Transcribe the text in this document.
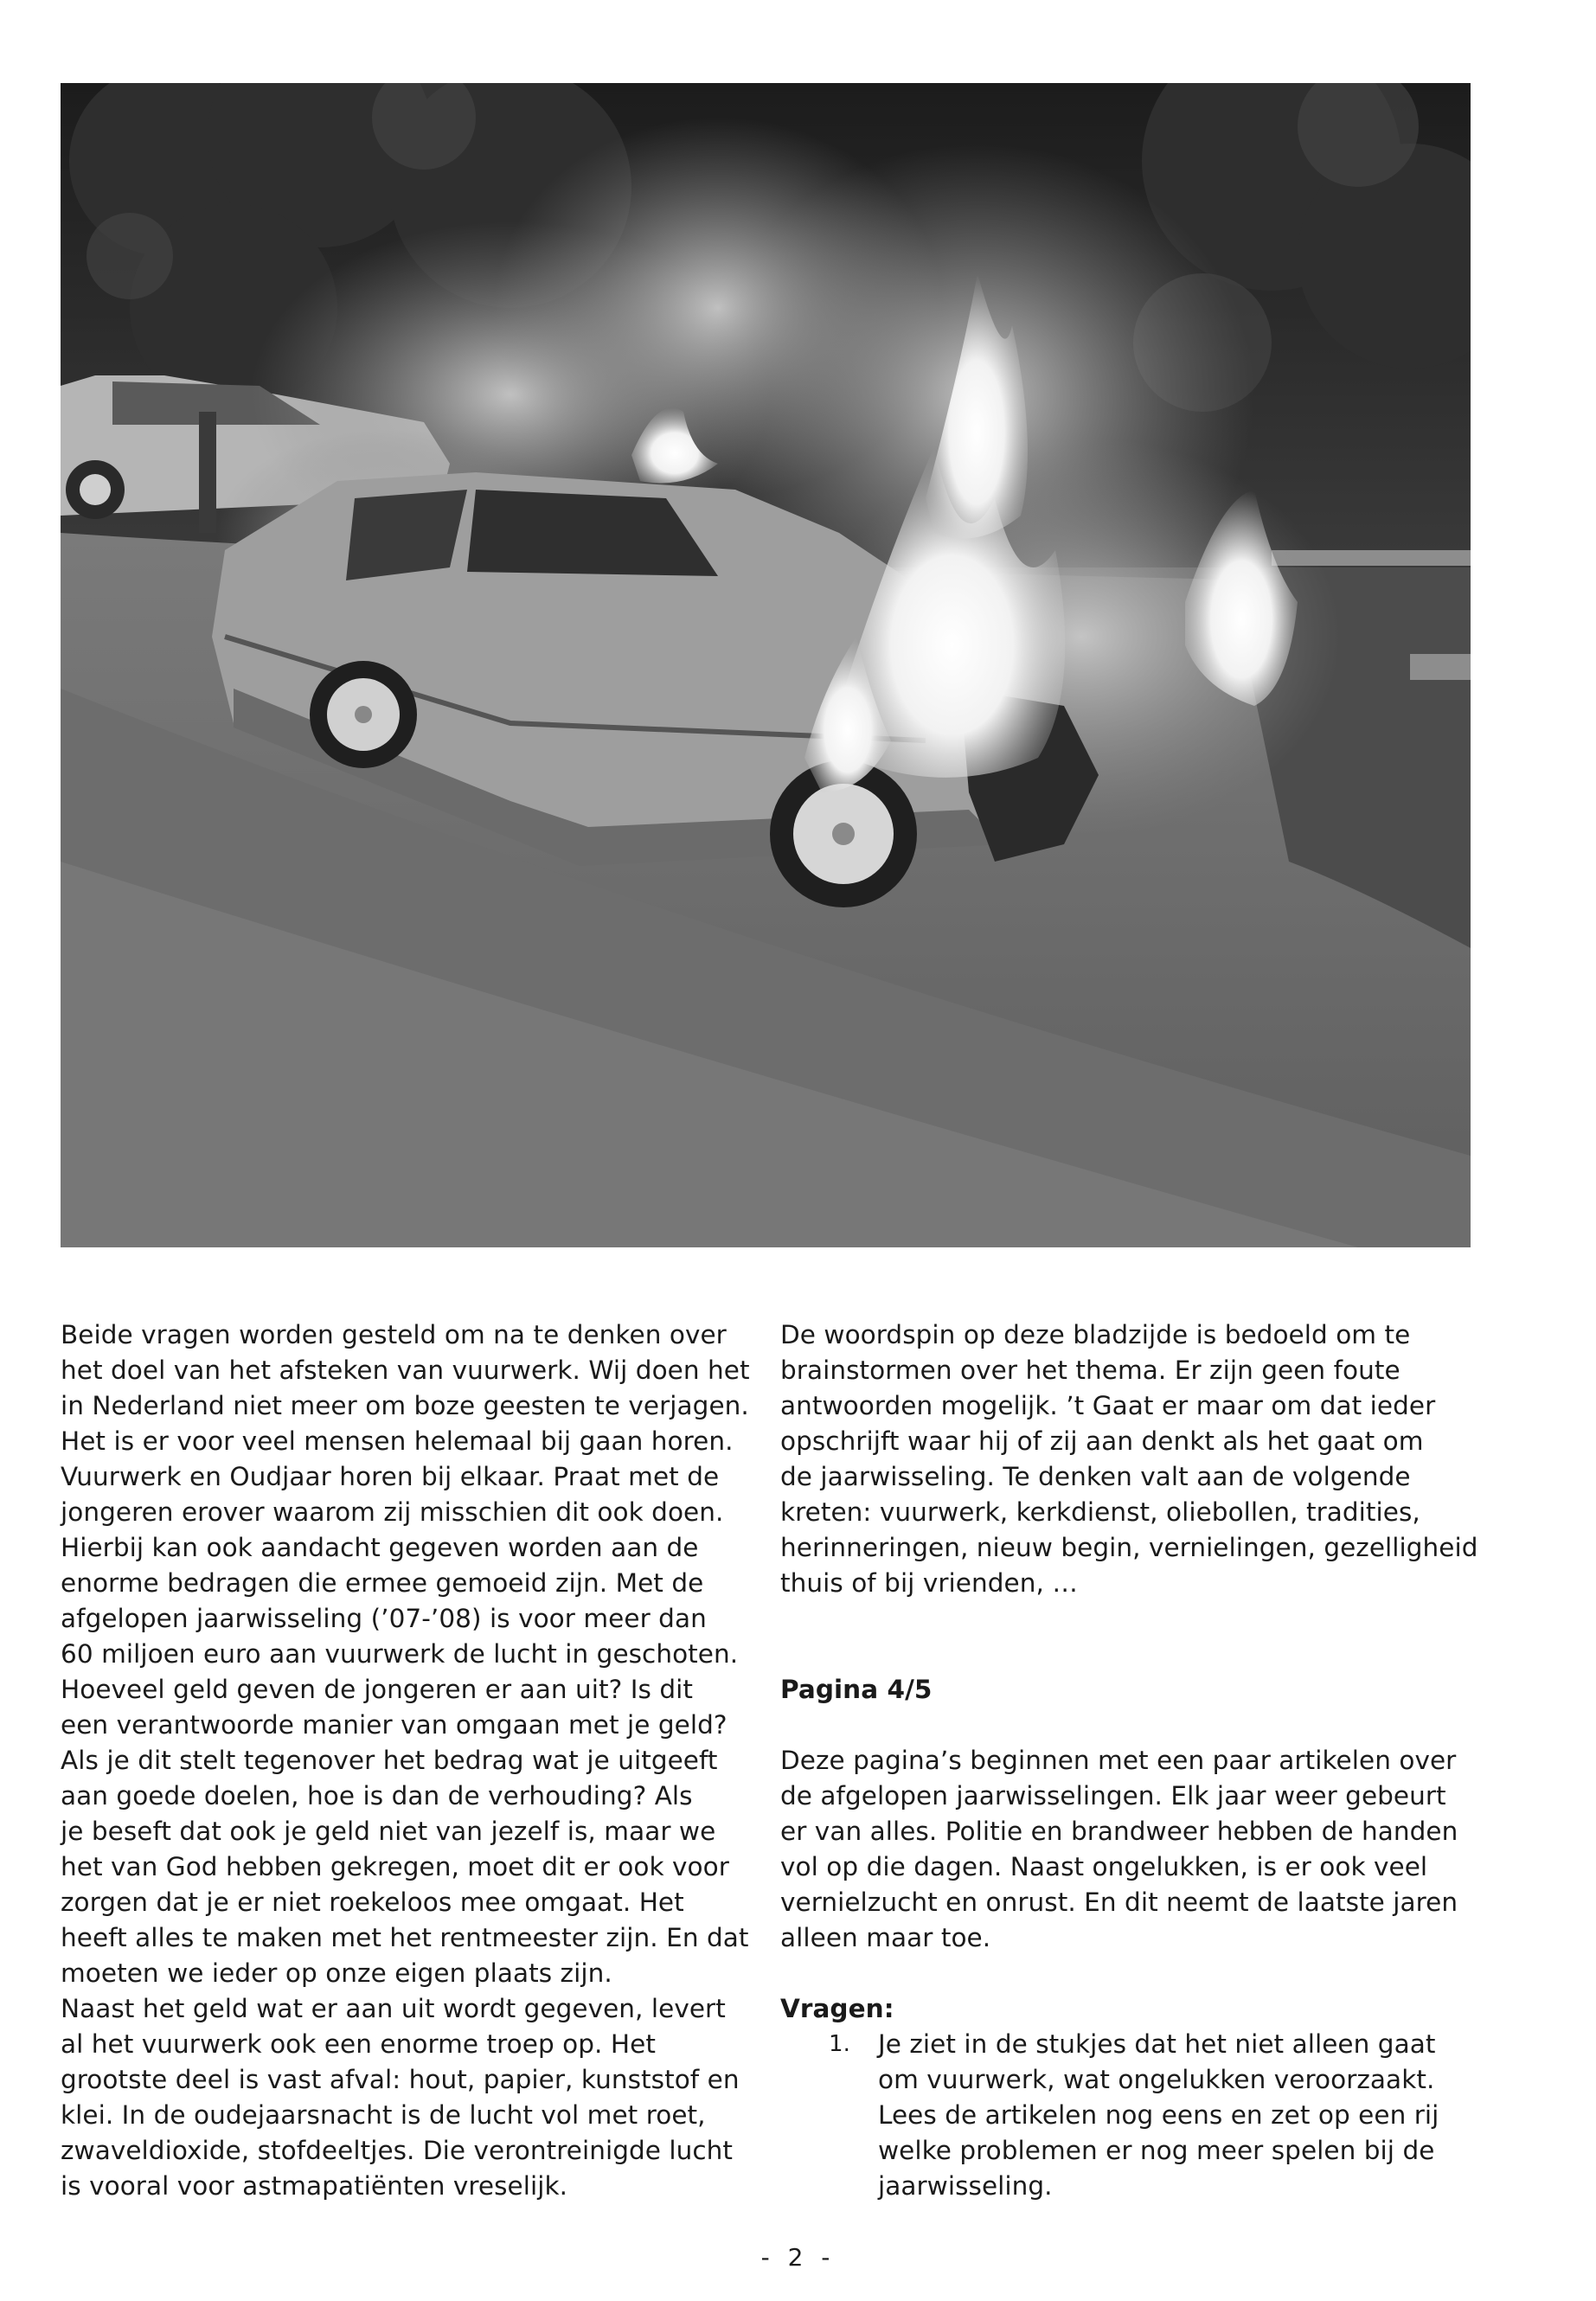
Beide vragen worden gesteld om na te denken over
het doel van het afsteken van vuurwerk. Wij doen het
in Nederland niet meer om boze geesten te verjagen.
Het is er voor veel mensen helemaal bij gaan horen.
Vuurwerk en Oudjaar horen bij elkaar. Praat met de
jongeren erover waarom zij misschien dit ook doen.
Hierbij kan ook aandacht gegeven worden aan de
enorme bedragen die ermee gemoeid zijn. Met de
afgelopen jaarwisseling (’07-’08) is voor meer dan
60 miljoen euro aan vuurwerk de lucht in geschoten.
Hoeveel geld geven de jongeren er aan uit? Is dit
een verantwoorde manier van omgaan met je geld?
Als je dit stelt tegenover het bedrag wat je uitgeeft
aan goede doelen, hoe is dan de verhouding? Als
je beseft dat ook je geld niet van jezelf is, maar we
het van God hebben gekregen, moet dit er ook voor
zorgen dat je er niet roekeloos mee omgaat. Het
heeft alles te maken met het rentmeester zijn. En dat
moeten we ieder op onze eigen plaats zijn.
Naast het geld wat er aan uit wordt gegeven, levert
al het vuurwerk ook een enorme troep op. Het
grootste deel is vast afval: hout, papier, kunststof en
klei. In de oudejaarsnacht is de lucht vol met roet,
zwaveldioxide, stofdeeltjes. Die verontreinigde lucht
is vooral voor astmapatiënten vreselijk.
De woordspin op deze bladzijde is bedoeld om te
brainstormen over het thema. Er zijn geen foute
antwoorden mogelijk. ’t Gaat er maar om dat ieder
opschrijft waar hij of zij aan denkt als het gaat om
de jaarwisseling. Te denken valt aan de volgende
kreten: vuurwerk, kerkdienst, oliebollen, tradities,
herinneringen, nieuw begin, vernielingen, gezelligheid
thuis of bij vrienden, …
Pagina 4/5
Deze pagina’s beginnen met een paar artikelen over
de afgelopen jaarwisselingen. Elk jaar weer gebeurt
er van alles. Politie en brandweer hebben de handen
vol op die dagen. Naast ongelukken, is er ook veel
vernielzucht en onrust. En dit neemt de laatste jaren
alleen maar toe.
Vragen:
1. Je ziet in de stukjes dat het niet alleen gaat
om vuurwerk, wat ongelukken veroorzaakt.
Lees de artikelen nog eens en zet op een rij
welke problemen er nog meer spelen bij de
jaarwisseling.
- 2 -
